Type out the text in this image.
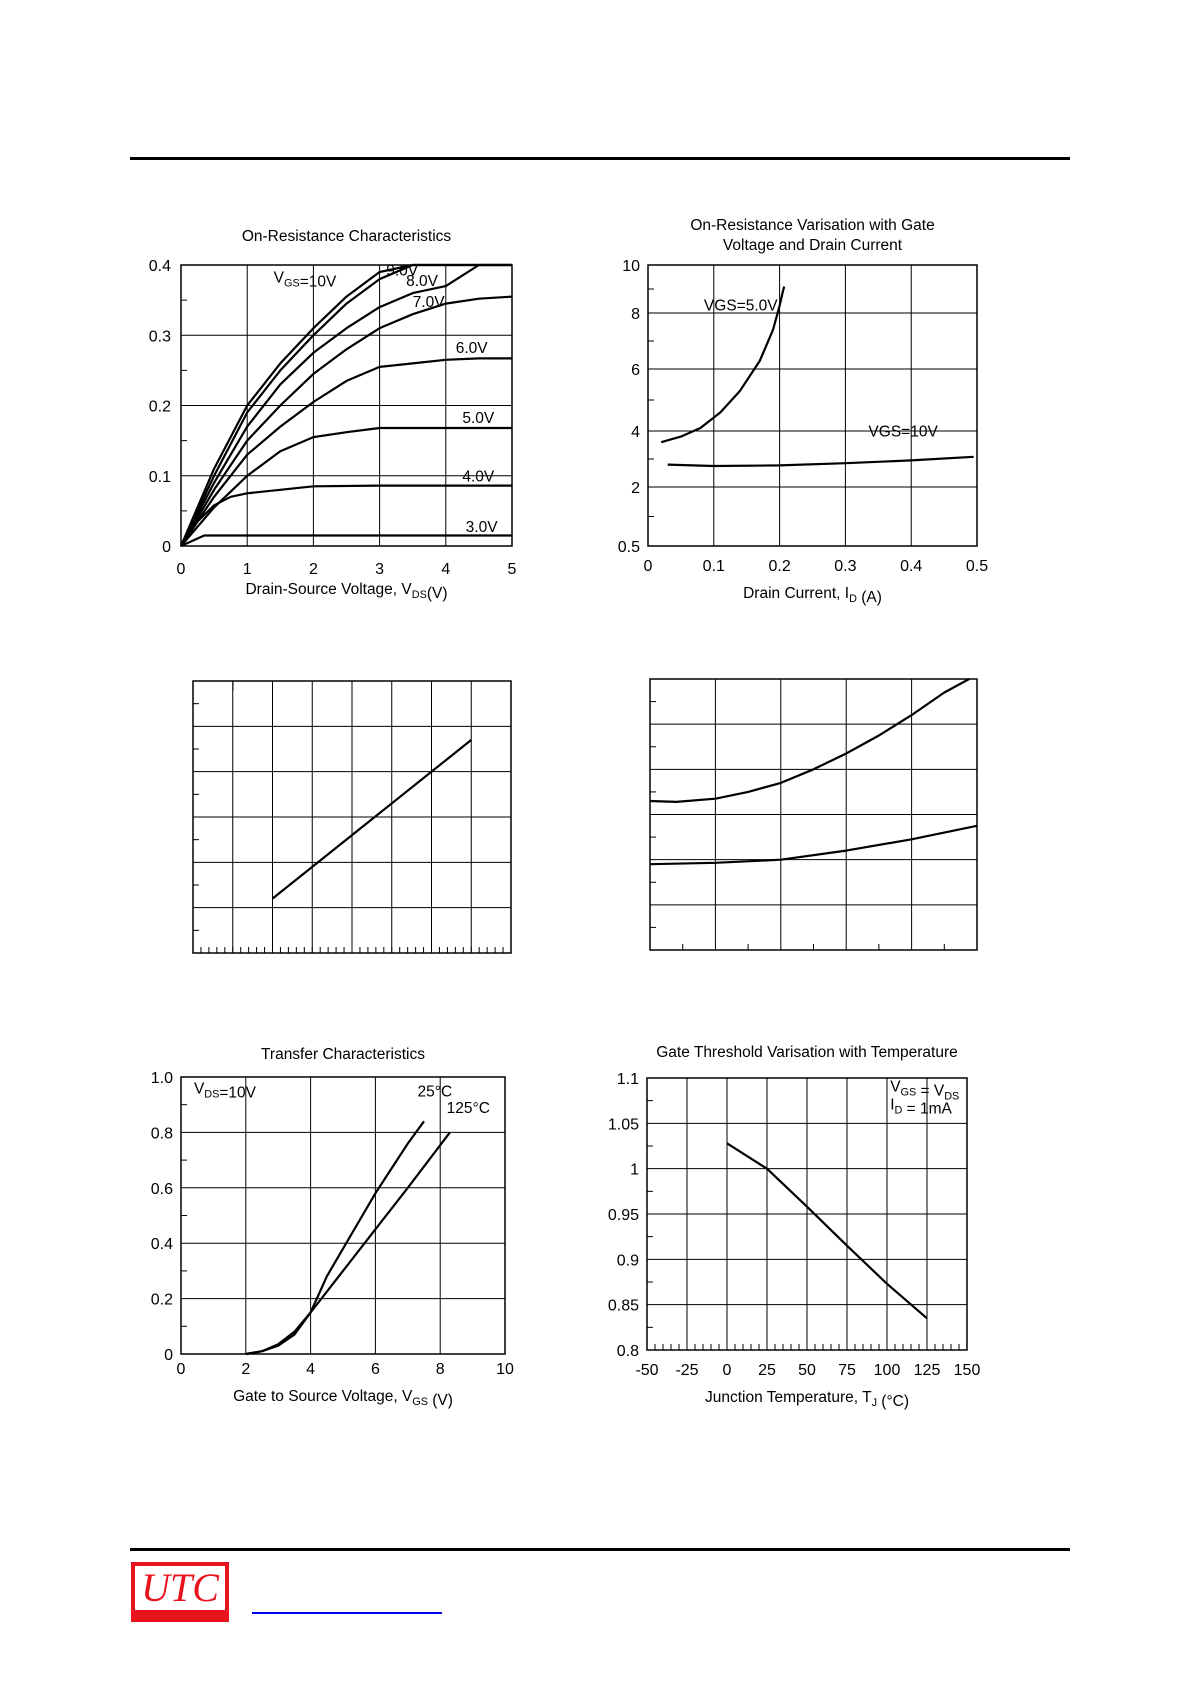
On-Resistance Characteristics
0	1	2	3	4	5
0
0.1
0.2
0.3
0.4
Drain-Source Voltage, $V_{DS}(V)$
$V_{GS}=10V$
9.0V
8.0V
7.0V
6.0V
5.0V
4.0V
3.0V
On-Resistance Varisation with Gate
Voltage and Drain Current
0	0.1	0.2	0.3	0.4	0.5
0.5
2
4
6
8
10
Drain Current, $I_D$ (A)
VGS=5.0V
VGS=10V
Transfer Characteristics
0	2	4	6	8	10
0
0.2
0.4
0.6
0.8
1.0
Gate to Source Voltage, $V_{GS}$ (V)
$V_{DS}=10V$	25°C
125°C
Gate Threshold Varisation with Temperature
-50 -25 0 25 50 75 100 125 150
0.8
0.85
0.9
0.95
1
1.05
1.1
Junction Temperature, $T_J$ (°C)
$V_{GS} = V_{DS}$
$I_D = 1mA$
UTC
